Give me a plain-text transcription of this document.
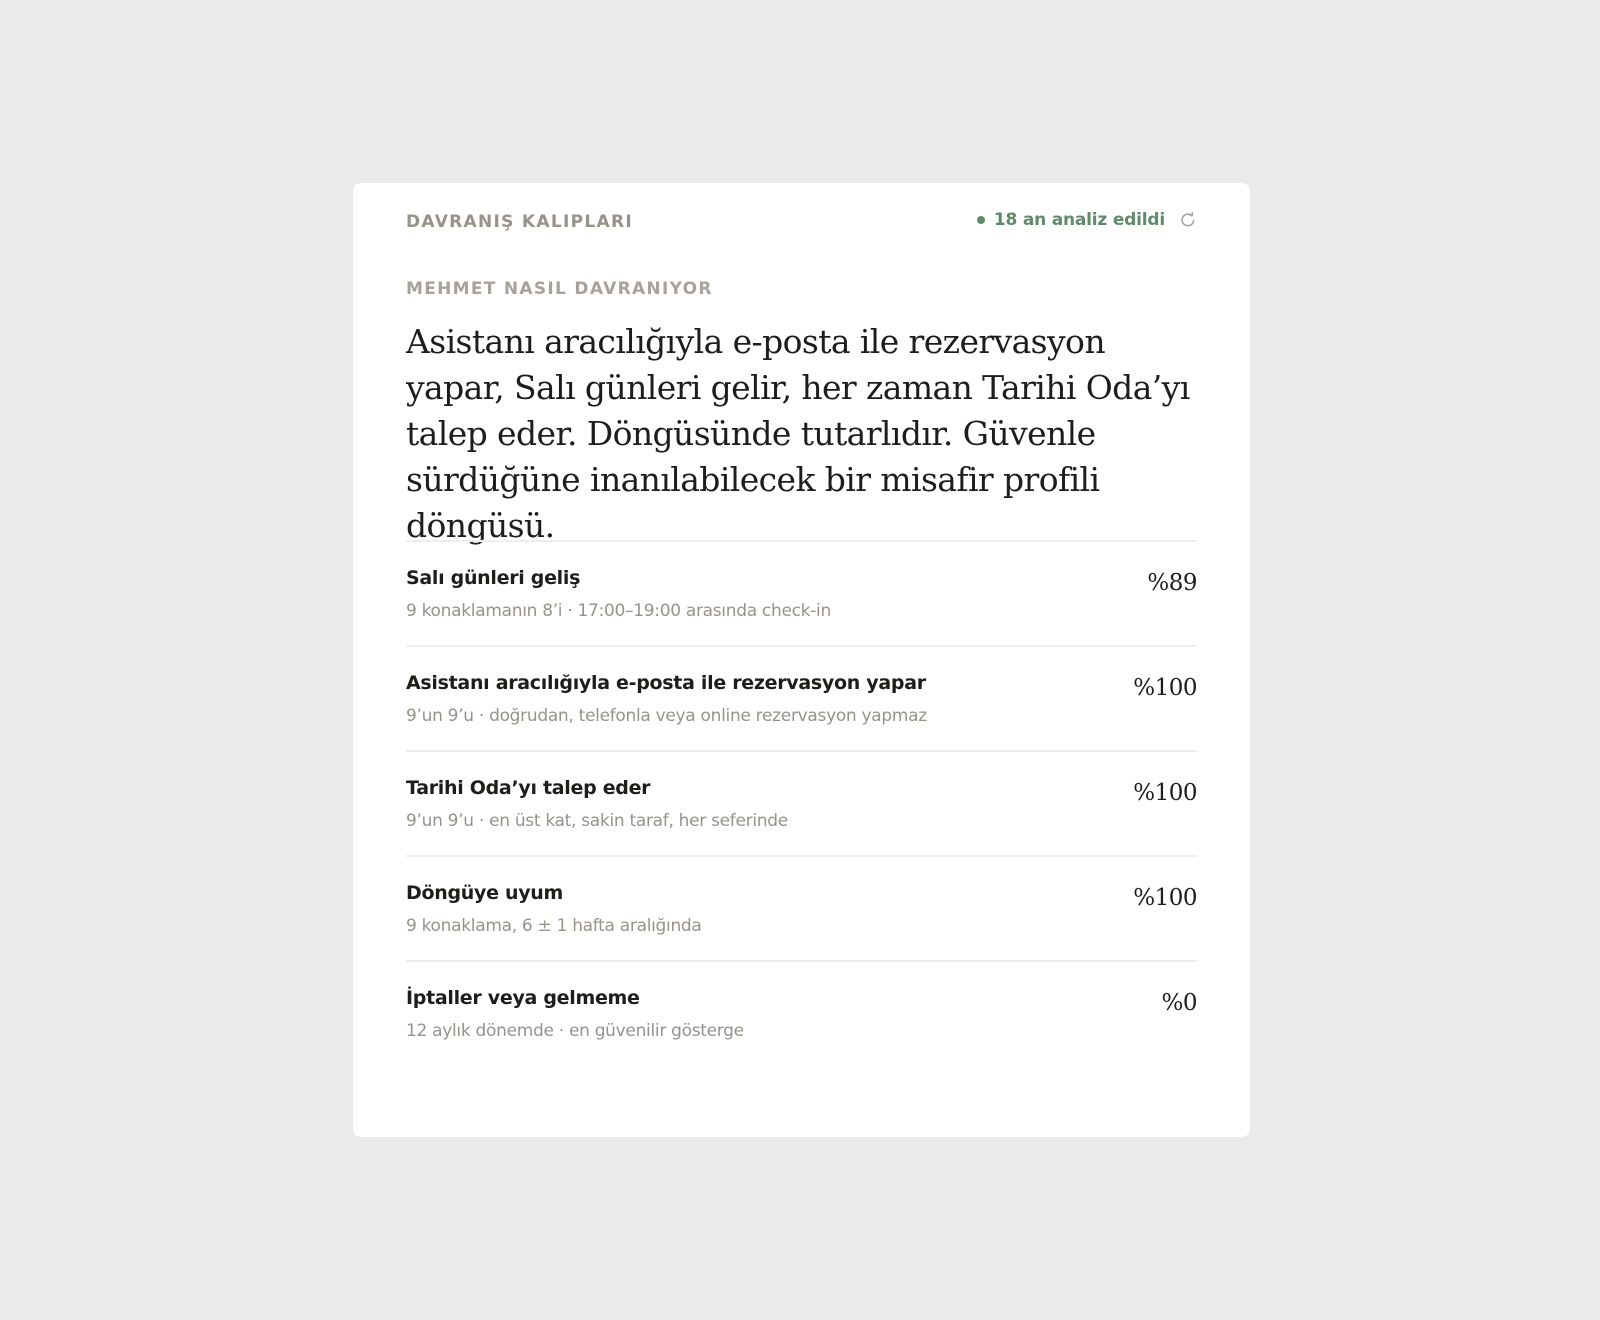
DAVRANIŞ KALIPLARI	18 an analiz edildi
MEHMET NASIL DAVRANIYOR

Asistanı aracılığıyla e-posta ile rezervasyon yapar, Salı günleri gelir, her zaman Tarihi Oda’yı talep eder. Döngüsünde tutarlıdır. Güvenle sürdüğüne inanılabilecek bir misafir profili döngüsü.

Salı günleri geliş
9 konaklamanın 8’i · 17:00–19:00 arasında check-in
%89
Asistanı aracılığıyla e-posta ile rezervasyon yapar
9’un 9’u · doğrudan, telefonla veya online rezervasyon yapmaz
%100
Tarihi Oda’yı talep eder
9’un 9’u · en üst kat, sakin taraf, her seferinde
%100
Döngüye uyum
9 konaklama, 6 ± 1 hafta aralığında
%100
İptaller veya gelmeme
12 aylık dönemde · en güvenilir gösterge
%0
